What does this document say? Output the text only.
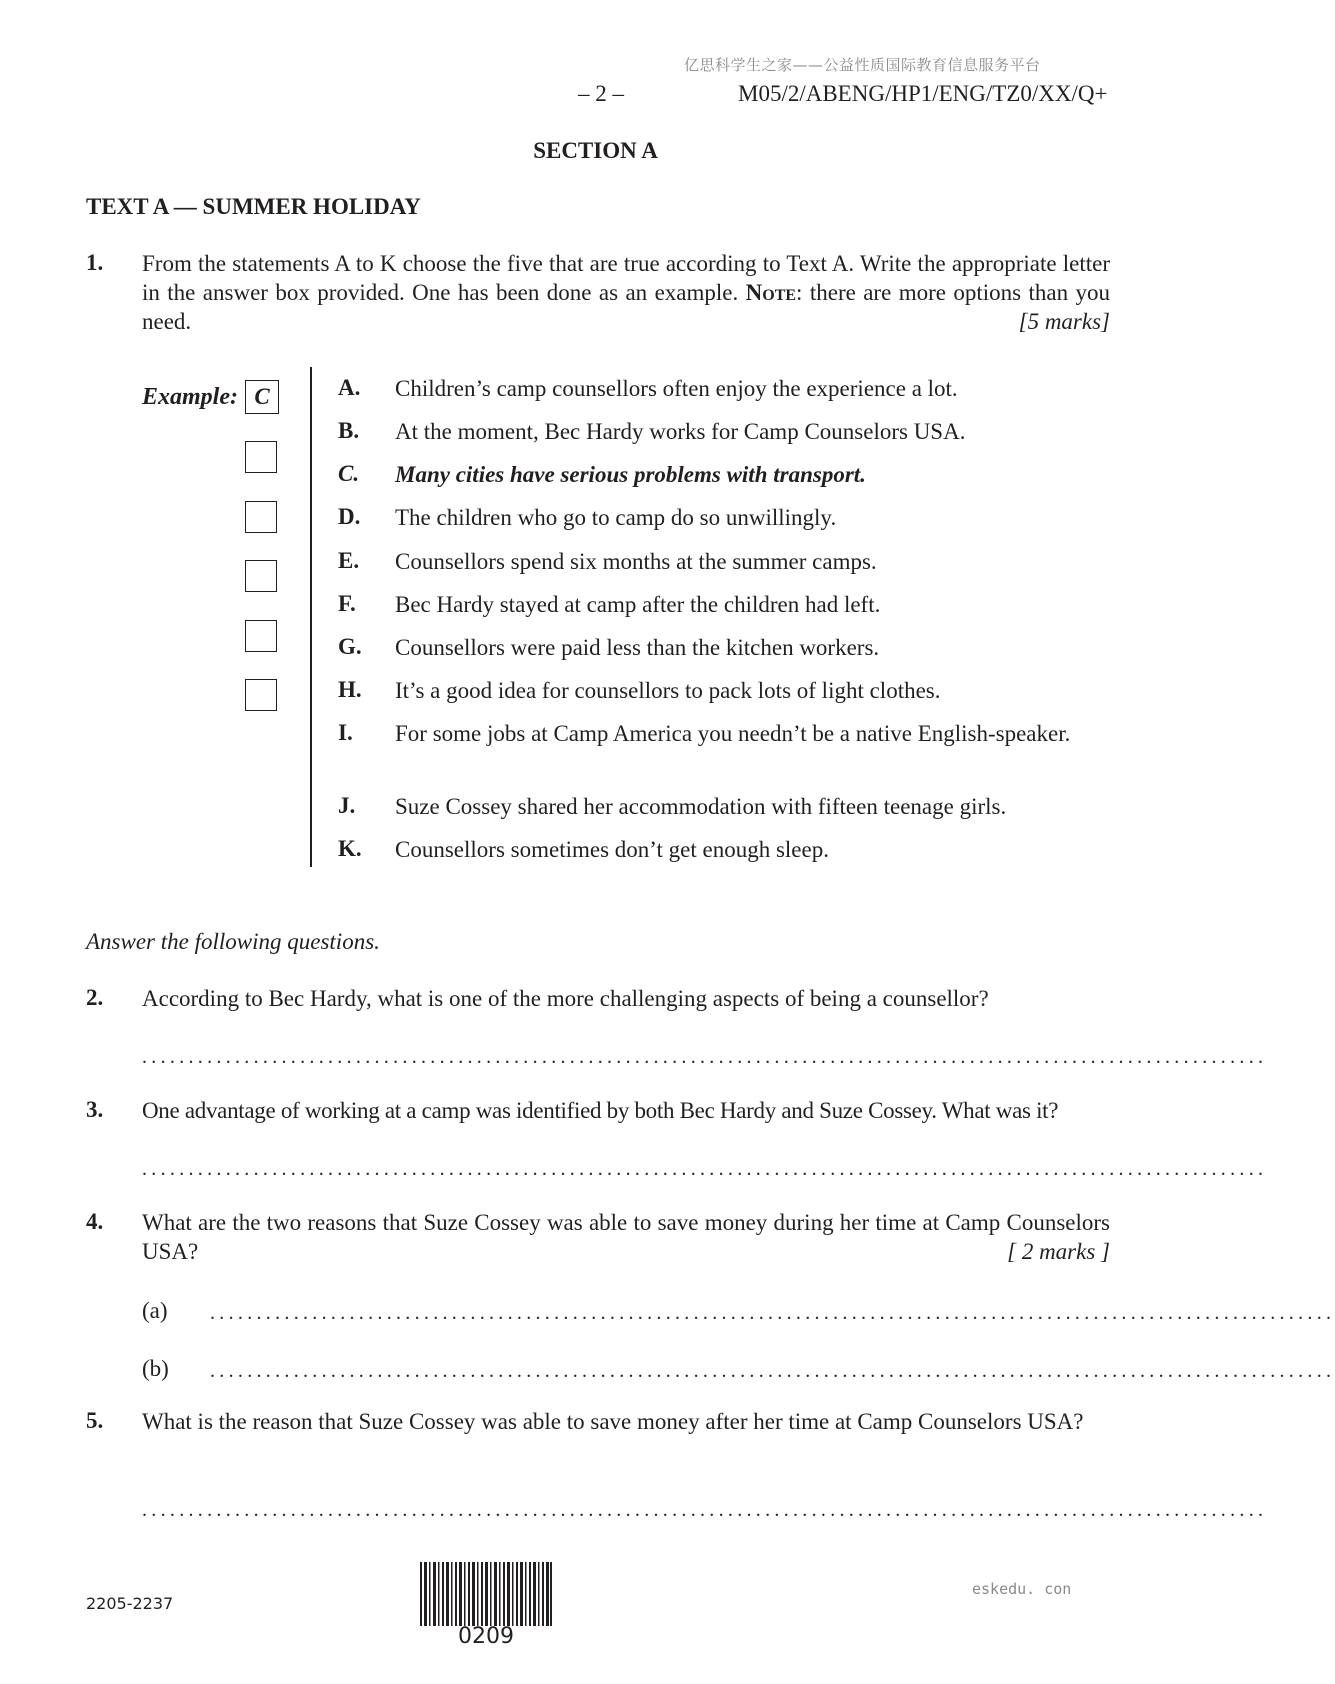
亿思科学生之家——公益性质国际教育信息服务平台
– 2 –	M05/2/ABENG/HP1/ENG/TZ0/XX/Q+
SECTION A
TEXT A — SUMMER HOLIDAY
1. From the statements A to K choose the five that are true according to Text A. Write the appropriate letter in the answer box provided. One has been done as an example. Note: there are more options than you need.	[5 marks]
Example: C	A. Children’s camp counsellors often enjoy the experience a lot.
B. At the moment, Bec Hardy works for Camp Counselors USA.
C. Many cities have serious problems with transport.
D. The children who go to camp do so unwillingly.
E. Counsellors spend six months at the summer camps.
F. Bec Hardy stayed at camp after the children had left.
G. Counsellors were paid less than the kitchen workers.
H. It’s a good idea for counsellors to pack lots of light clothes.
I. For some jobs at Camp America you needn’t be a native English-speaker.
J. Suze Cossey shared her accommodation with fifteen teenage girls.
K. Counsellors sometimes don’t get enough sleep.
Answer the following questions.
2. According to Bec Hardy, what is one of the more challenging aspects of being a counsellor?
.........................................................................................................................
3. One advantage of working at a camp was identified by both Bec Hardy and Suze Cossey. What was it?
.........................................................................................................................
4. What are the two reasons that Suze Cossey was able to save money during her time at Camp Counselors USA?	[ 2 marks ]
(a) .........................................................................................................................
(b) .........................................................................................................................
5. What is the reason that Suze Cossey was able to save money after her time at Camp Counselors USA?
.........................................................................................................................
2205-2237
0209
eskedu. con
